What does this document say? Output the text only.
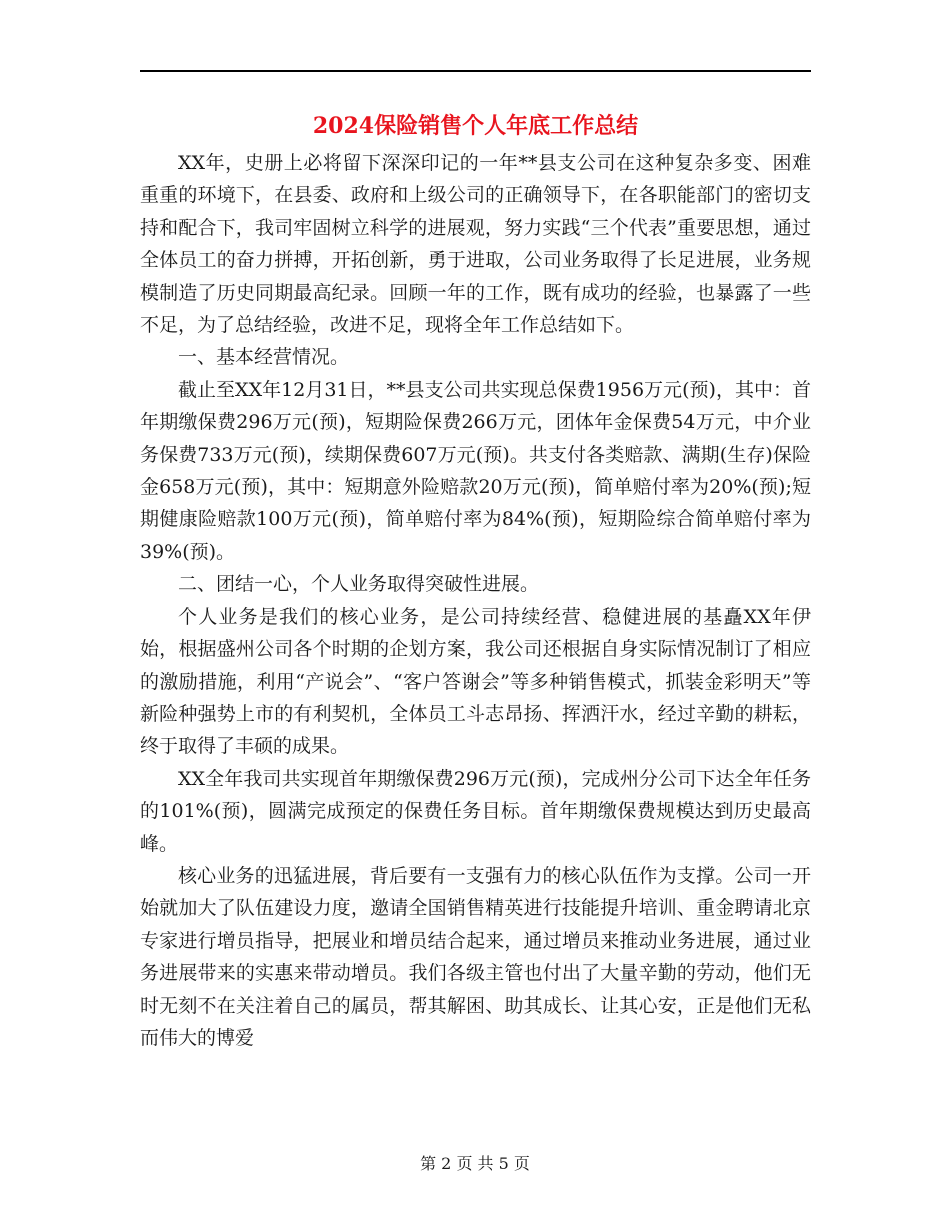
2024保险销售个人年底工作总结

XX年，史册上必将留下深深印记的一年**县支公司在这种复杂多变、困难重重的环境下，在县委、政府和上级公司的正确领导下，在各职能部门的密切支持和配合下，我司牢固树立科学的进展观，努力实践“三个代表”重要思想，通过全体员工的奋力拼搏，开拓创新，勇于进取，公司业务取得了长足进展，业务规模制造了历史同期最高纪录。回顾一年的工作，既有成功的经验，也暴露了一些不足，为了总结经验，改进不足，现将全年工作总结如下。

一、基本经营情况。

截止至XX年12月31日，**县支公司共实现总保费1956万元(预)，其中：首年期缴保费296万元(预)，短期险保费266万元，团体年金保费54万元，中介业务保费733万元(预)，续期保费607万元(预)。共支付各类赔款、满期(生存)保险金658万元(预)，其中：短期意外险赔款20万元(预)，简单赔付率为20%(预);短期健康险赔款100万元(预)，简单赔付率为84%(预)，短期险综合简单赔付率为39%(预)。

二、团结一心，个人业务取得突破性进展。

个人业务是我们的核心业务，是公司持续经营、稳健进展的基矗XX年伊始，根据盛州公司各个时期的企划方案，我公司还根据自身实际情况制订了相应的激励措施，利用“产说会”、“客户答谢会”等多种销售模式，抓装金彩明天”等新险种强势上市的有利契机，全体员工斗志昂扬、挥洒汗水，经过辛勤的耕耘，终于取得了丰硕的成果。

XX全年我司共实现首年期缴保费296万元(预)，完成州分公司下达全年任务的101%(预)，圆满完成预定的保费任务目标。首年期缴保费规模达到历史最高峰。

核心业务的迅猛进展，背后要有一支强有力的核心队伍作为支撑。公司一开始就加大了队伍建设力度，邀请全国销售精英进行技能提升培训、重金聘请北京专家进行增员指导，把展业和增员结合起来，通过增员来推动业务进展，通过业务进展带来的实惠来带动增员。我们各级主管也付出了大量辛勤的劳动，他们无时无刻不在关注着自己的属员，帮其解困、助其成长、让其心安，正是他们无私而伟大的博爱

第 2 页 共 5 页
